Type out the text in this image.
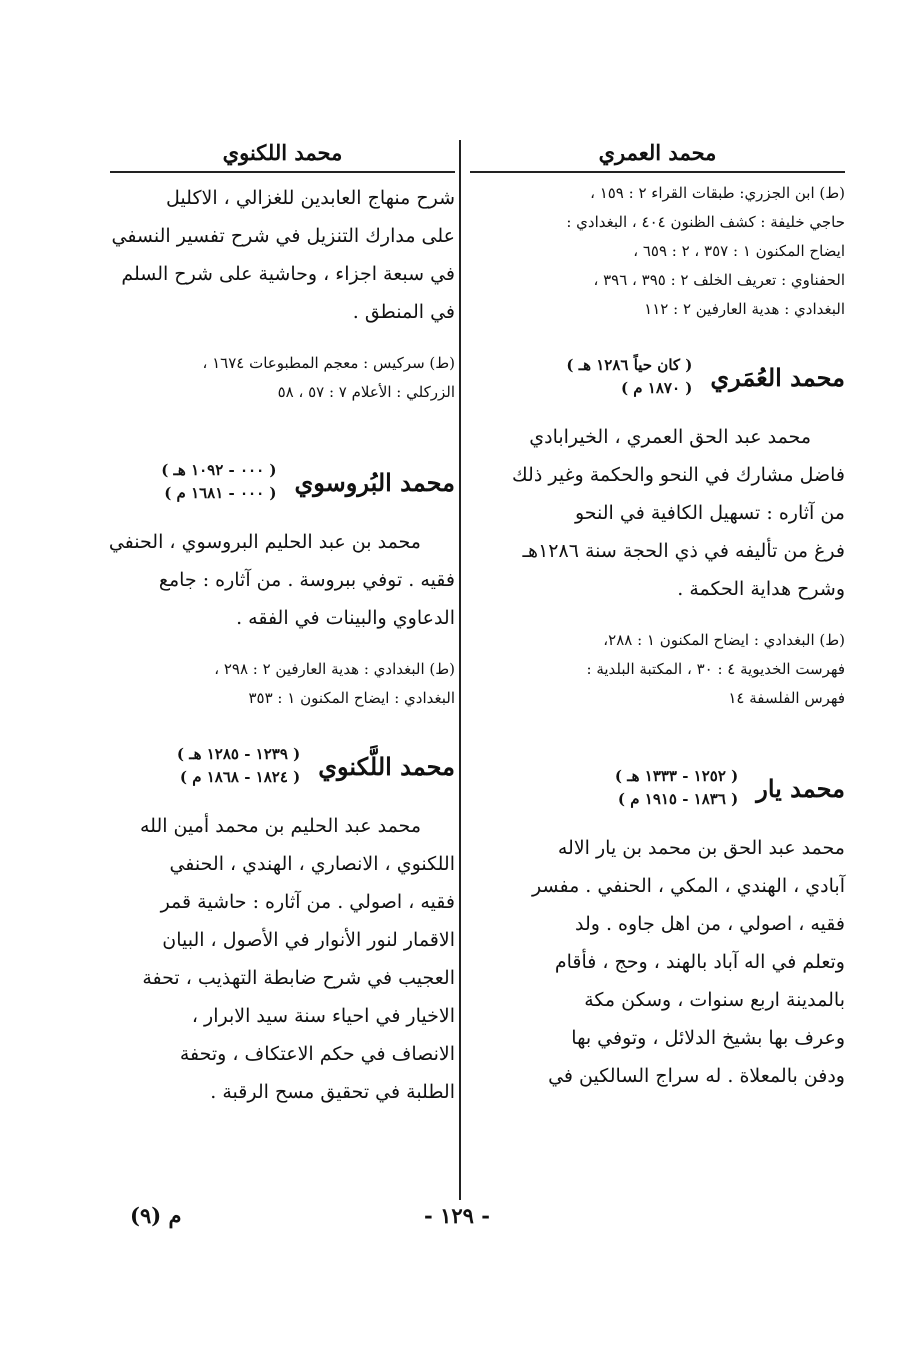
محمد العمري
(ط) ابن الجزري: طبقات القراء ۲ : ١٥٩ ،
حاجي خليفة : كشف الظنون ٤٠٤ ، البغدادي :
ايضاح المكنون ١ : ٣٥٧ ، ٢ : ٦٥٩ ،
الحفناوي : تعريف الخلف ۲ : ٣٩٥ ، ٣٩٦ ،
البغدادي : هدية العارفين ۲ : ١١٢
محمد العُمَري
( كان حياً ١٢٨٦ هـ )
( ١٨٧٠ م )
محمد عبد الحق العمري ، الخيرابادي
فاضل مشارك في النحو والحكمة وغير ذلك
من آثاره : تسهيل الكافية في النحو
فرغ من تأليفه في ذي الحجة سنة ١٢٨٦هـ
وشرح هداية الحكمة .
(ط) البغدادي : ايضاح المكنون ١ : ٢٨٨،
فهرست الخديوية ٤ : ٣٠ ، المكتبة البلدية :
فهرس الفلسفة ١٤
محمد يار
( ١٢٥٢ - ١٣٣٣ هـ )
( ١٨٣٦ - ١٩١٥ م )
محمد عبد الحق بن محمد بن يار الاله
آبادي ، الهندي ، المكي ، الحنفي . مفسر
فقيه ، اصولي ، من اهل جاوه . ولد
وتعلم في اله آباد بالهند ، وحج ، فأقام
بالمدينة اربع سنوات ، وسكن مكة
وعرف بها بشيخ الدلائل ، وتوفي بها
ودفن بالمعلاة . له سراج السالكين في
محمد اللكنوي
شرح منهاج العابدين للغزالي ، الاكليل
على مدارك التنزيل في شرح تفسير النسفي
في سبعة اجزاء ، وحاشية على شرح السلم
في المنطق .
(ط) سركيس : معجم المطبوعات ١٦٧٤ ،
الزركلي : الأعلام ٧ : ٥٧ ، ٥٨
محمد البُروسوي
( ٠٠٠ - ١٠٩٢ هـ )
( ٠٠٠ - ١٦٨١ م )
محمد بن عبد الحليم البروسوي ، الحنفي
فقيه . توفي ببروسة . من آثاره : جامع
الدعاوي والبينات في الفقه .
(ط) البغدادي : هدية العارفين ۲ : ٢٩٨ ،
البغدادي : ايضاح المكنون ١ : ٣٥٣
محمد اللَّكنوي
( ١٢٣٩ - ١٢٨٥ هـ )
( ١٨٢٤ - ١٨٦٨ م )
محمد عبد الحليم بن محمد أمين الله
اللكنوي ، الانصاري ، الهندي ، الحنفي
فقيه ، اصولي . من آثاره : حاشية قمر
الاقمار لنور الأنوار في الأصول ، البيان
العجيب في شرح ضابطة التهذيب ، تحفة
الاخيار في احياء سنة سيد الابرار ،
الانصاف في حكم الاعتكاف ، وتحفة
الطلبة في تحقيق مسح الرقبة .
- ١٢٩ -
م (٩)
